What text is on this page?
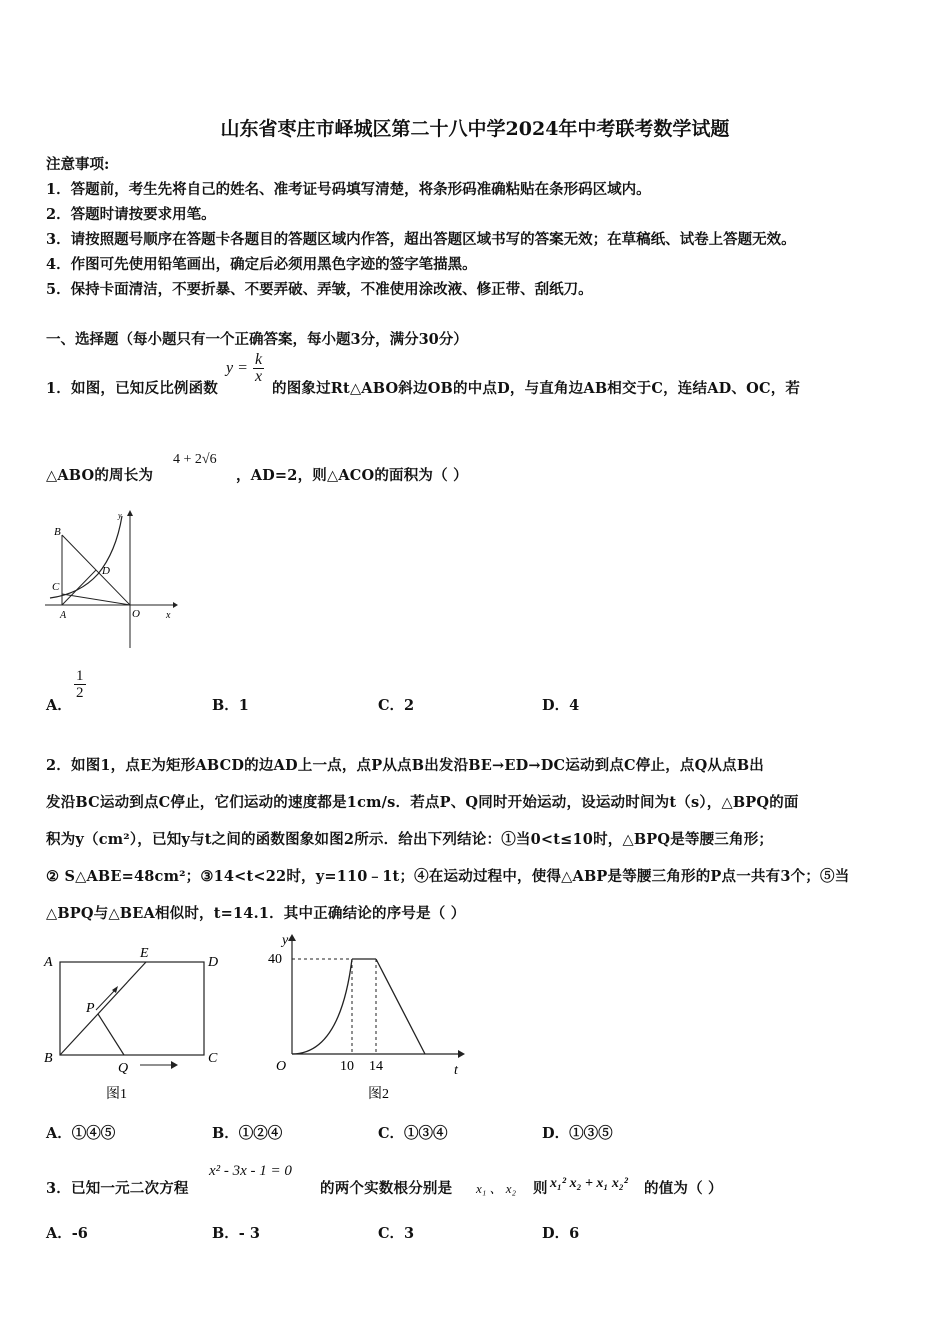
山东省枣庄市峄城区第二十八中学2024年中考联考数学试题
注意事项:
1．答题前，考生先将自己的姓名、准考证号码填写清楚，将条形码准确粘贴在条形码区域内。
2．答题时请按要求用笔。
3．请按照题号顺序在答题卡各题目的答题区域内作答，超出答题区域书写的答案无效；在草稿纸、试卷上答题无效。
4．作图可先使用铅笔画出，确定后必须用黑色字迹的签字笔描黑。
5．保持卡面清洁，不要折暴、不要弄破、弄皱，不准使用涂改液、修正带、刮纸刀。
一、选择题（每小题只有一个正确答案，每小题3分，满分30分）
1．如图，已知反比例函数
$y = \frac{k}{x}$
的图象过Rt△ABO斜边OB的中点D，与直角边AB相交于C，连结AD、OC，若
△ABO的周长为
4 + 2√6
，AD=2，则△ACO的面积为（ ）
B
C
D
A	O	x
y
A．
$\frac{1}{2}$
B．1	C．2	D．4
2．如图1，点E为矩形ABCD的边AD上一点，点P从点B出发沿BE→ED→DC运动到点C停止，点Q从点B出
发沿BC运动到点C停止，它们运动的速度都是1cm/s．若点P、Q同时开始运动，设运动时间为t（s），△BPQ的面
积为y（cm²），已知y与t之间的函数图象如图2所示．给出下列结论：①当0<t≤10时，△BPQ是等腰三角形；
② S△ABE=48cm²；③14<t<22时，y=110﹣1t；④在运动过程中，使得△ABP是等腰三角形的P点一共有3个；⑤当
△BPQ与△BEA相似时，t=14.1．其中正确结论的序号是（ ）
A
E
D
P
B
Q
C
图1
y
40
O	10 14	t
图2
A．①④⑤	B．①②④	C．①③④	D．①③⑤
3．已知一元二次方程
x² - 3x - 1 = 0
的两个实数根分别是 x₁ 、 x₂ 则 x₁² x₂ + x₁ x₂² 的值为（ ）
A．-6	B．- 3	C．3	D．6
